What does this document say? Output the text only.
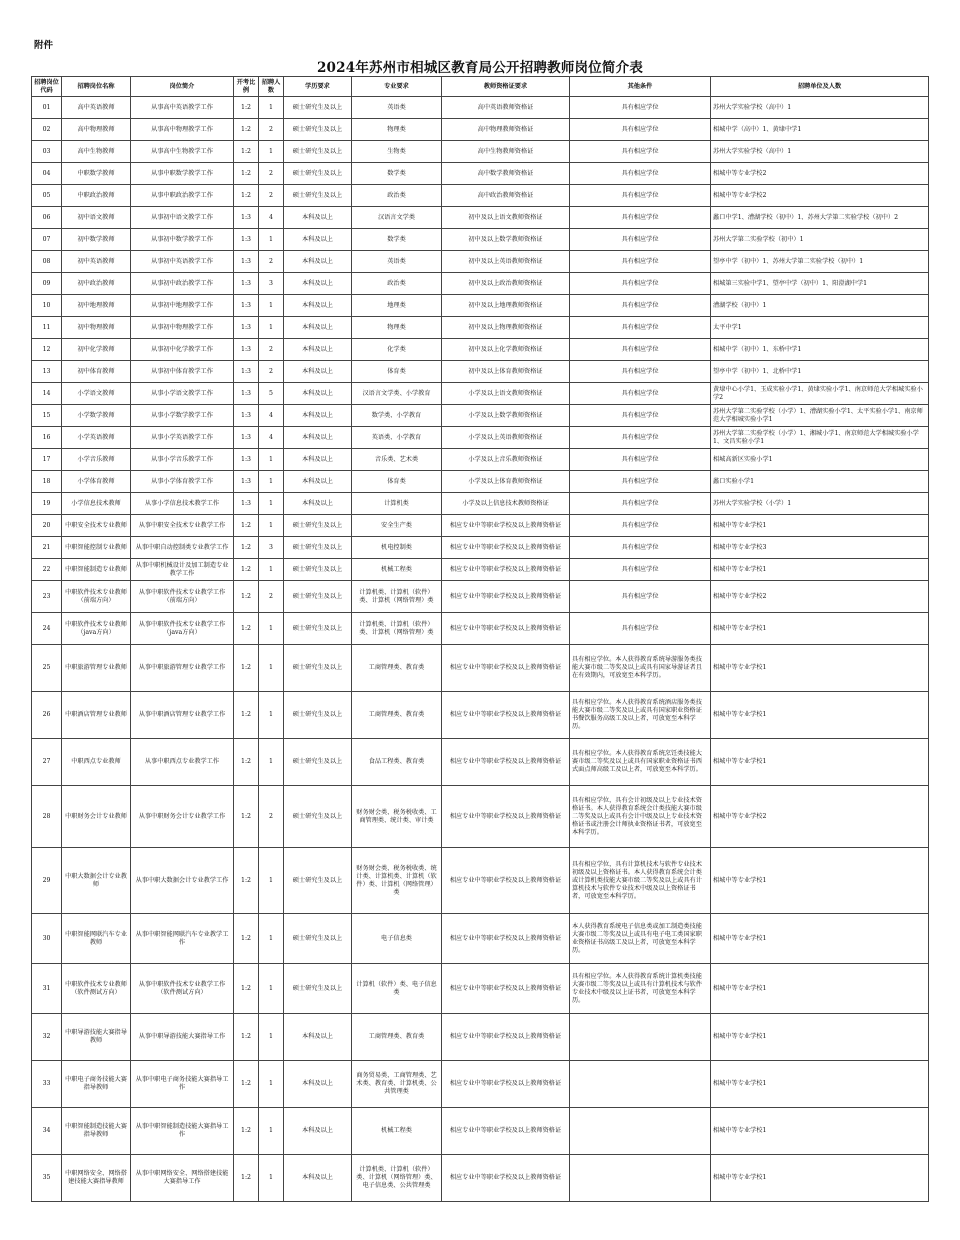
附件
2024年苏州市相城区教育局公开招聘教师岗位简介表
招聘岗位代码	招聘岗位名称	岗位简介	开考比例	招聘人数	学历要求	专业要求	教师资格证要求	其他条件	招聘单位及人数
01	高中英语教师	从事高中英语教学工作	1:2	1	硕士研究生及以上	英语类	高中英语教师资格证	具有相应学位	苏州大学实验学校（高中）1
02	高中物理教师	从事高中物理教学工作	1:2	2	硕士研究生及以上	物理类	高中物理教师资格证	具有相应学位	相城中学（高中）1、黄埭中学1
03	高中生物教师	从事高中生物教学工作	1:2	1	硕士研究生及以上	生物类	高中生物教师资格证	具有相应学位	苏州大学实验学校（高中）1
04	中职数学教师	从事中职数学教学工作	1:2	2	硕士研究生及以上	数学类	高中数学教师资格证	具有相应学位	相城中等专业学校2
05	中职政治教师	从事中职政治教学工作	1:2	2	硕士研究生及以上	政治类	高中政治教师资格证	具有相应学位	相城中等专业学校2
06	初中语文教师	从事初中语文教学工作	1:3	4	本科及以上	汉语言文学类	初中及以上语文教师资格证	具有相应学位	蠡口中学1、漕湖学校（初中）1、苏州大学第二实验学校（初中）2
07	初中数学教师	从事初中数学教学工作	1:3	1	本科及以上	数学类	初中及以上数学教师资格证	具有相应学位	苏州大学第二实验学校（初中）1
08	初中英语教师	从事初中英语教学工作	1:3	2	本科及以上	英语类	初中及以上英语教师资格证	具有相应学位	望亭中学（初中）1、苏州大学第二实验学校（初中）1
09	初中政治教师	从事初中政治教学工作	1:3	3	本科及以上	政治类	初中及以上政治教师资格证	具有相应学位	相城第三实验中学1、望亭中学（初中）1、阳澄湖中学1
10	初中地理教师	从事初中地理教学工作	1:3	1	本科及以上	地理类	初中及以上地理教师资格证	具有相应学位	漕湖学校（初中）1
11	初中物理教师	从事初中物理教学工作	1:3	1	本科及以上	物理类	初中及以上物理教师资格证	具有相应学位	太平中学1
12	初中化学教师	从事初中化学教学工作	1:3	2	本科及以上	化学类	初中及以上化学教师资格证	具有相应学位	相城中学（初中）1、东桥中学1
13	初中体育教师	从事初中体育教学工作	1:3	2	本科及以上	体育类	初中及以上体育教师资格证	具有相应学位	望亭中学（初中）1、北桥中学1
14	小学语文教师	从事小学语文教学工作	1:3	5	本科及以上	汉语言文学类、小学教育	小学及以上语文教师资格证	具有相应学位	黄埭中心小学1、玉成实验小学1、黄埭实验小学1、南京师范大学相城实验小学2
15	小学数学教师	从事小学数学教学工作	1:3	4	本科及以上	数学类、小学教育	小学及以上数学教师资格证	具有相应学位	苏州大学第二实验学校（小学）1、漕湖实验小学1、太平实验小学1、南京师范大学相城实验小学1
16	小学英语教师	从事小学英语教学工作	1:3	4	本科及以上	英语类、小学教育	小学及以上英语教师资格证	具有相应学位	苏州大学第二实验学校（小学）1、湘城小学1、南京师范大学相城实验小学1、文昌实验小学1
17	小学音乐教师	从事小学音乐教学工作	1:3	1	本科及以上	音乐类、艺术类	小学及以上音乐教师资格证	具有相应学位	相城高新区实验小学1
18	小学体育教师	从事小学体育教学工作	1:3	1	本科及以上	体育类	小学及以上体育教师资格证	具有相应学位	蠡口实验小学1
19	小学信息技术教师	从事小学信息技术教学工作	1:3	1	本科及以上	计算机类	小学及以上信息技术教师资格证	具有相应学位	苏州大学实验学校（小学）1
20	中职安全技术专业教师	从事中职安全技术专业教学工作	1:2	1	硕士研究生及以上	安全生产类	相应专业中等职业学校及以上教师资格证	具有相应学位	相城中等专业学校1
21	中职智能控制专业教师	从事中职自动控制类专业教学工作	1:2	3	硕士研究生及以上	机电控制类	相应专业中等职业学校及以上教师资格证	具有相应学位	相城中等专业学校3
22	中职智能制造专业教师	从事中职机械设计及加工制造专业教学工作	1:2	1	硕士研究生及以上	机械工程类	相应专业中等职业学校及以上教师资格证	具有相应学位	相城中等专业学校1
23	中职软件技术专业教师（前端方向）	从事中职软件技术专业教学工作（前端方向）	1:2	2	硕士研究生及以上	计算机类、计算机（软件）类、计算机（网络管理）类	相应专业中等职业学校及以上教师资格证	具有相应学位	相城中等专业学校2
24	中职软件技术专业教师（java方向）	从事中职软件技术专业教学工作（java方向）	1:2	1	硕士研究生及以上	计算机类、计算机（软件）类、计算机（网络管理）类	相应专业中等职业学校及以上教师资格证	具有相应学位	相城中等专业学校1
25	中职旅游管理专业教师	从事中职旅游管理专业教学工作	1:2	1	硕士研究生及以上	工商管理类、教育类	相应专业中等职业学校及以上教师资格证	具有相应学位。本人获得教育系统导游服务类技能大赛市级二等奖及以上或具有国家导游证者且在有效期内，可放宽至本科学历。	相城中等专业学校1
26	中职酒店管理专业教师	从事中职酒店管理专业教学工作	1:2	1	硕士研究生及以上	工商管理类、教育类	相应专业中等职业学校及以上教师资格证	具有相应学位。本人获得教育系统酒店服务类技能大赛市级二等奖及以上或具有国家职业资格证书餐饮服务高级工及以上者，可放宽至本科学历。	相城中等专业学校1
27	中职西点专业教师	从事中职西点专业教学工作	1:2	1	硕士研究生及以上	食品工程类、教育类	相应专业中等职业学校及以上教师资格证	具有相应学位。本人获得教育系统烹饪类技能大赛市级二等奖及以上或具有国家职业资格证书西式面点师高级工及以上者，可放宽至本科学历。	相城中等专业学校1
28	中职财务会计专业教师	从事中职财务会计专业教学工作	1:2	2	硕士研究生及以上	财务财会类、税务税收类、工商管理类、统计类、审计类	相应专业中等职业学校及以上教师资格证	具有相应学位，具有会计初级及以上专业技术资格证书。本人获得教育系统会计类技能大赛市级二等奖及以上或具有会计中级及以上专业技术资格证书或注册会计师执业资格证书者，可放宽至本科学历。	相城中等专业学校2
29	中职大数据会计专业教师	从事中职大数据会计专业教学工作	1:2	1	硕士研究生及以上	财务财会类、税务税收类、统计类、计算机类、计算机（软件）类、计算机（网络管理）类	相应专业中等职业学校及以上教师资格证	具有相应学位，具有计算机技术与软件专业技术初级及以上资格证书。本人获得教育系统会计类或计算机类技能大赛市级二等奖及以上或具有计算机技术与软件专业技术中级及以上资格证书者，可放宽至本科学历。	相城中等专业学校1
30	中职智能网联汽车专业教师	从事中职智能网联汽车专业教学工作	1:2	1	硕士研究生及以上	电子信息类	相应专业中等职业学校及以上教师资格证	本人获得教育系统电子信息类或加工制造类技能大赛市级二等奖及以上或具有电子电工类国家职业资格证书高级工及以上者，可放宽至本科学历。	相城中等专业学校1
31	中职软件技术专业教师（软件测试方向）	从事中职软件技术专业教学工作（软件测试方向）	1:2	1	硕士研究生及以上	计算机（软件）类、电子信息类	相应专业中等职业学校及以上教师资格证	具有相应学位。本人获得教育系统计算机类技能大赛市级二等奖及以上或具有计算机技术与软件专业技术中级及以上证书者，可放宽至本科学历。	相城中等专业学校1
32	中职导游技能大赛指导教师	从事中职导游技能大赛指导工作	1:2	1	本科及以上	工商管理类、教育类	相应专业中等职业学校及以上教师资格证		相城中等专业学校1
33	中职电子商务技能大赛指导教师	从事中职电子商务技能大赛指导工作	1:2	1	本科及以上	商务贸易类、工商管理类、艺术类、教育类、计算机类、公共管理类	相应专业中等职业学校及以上教师资格证		相城中等专业学校1
34	中职智能制造技能大赛指导教师	从事中职智能制造技能大赛指导工作	1:2	1	本科及以上	机械工程类	相应专业中等职业学校及以上教师资格证		相城中等专业学校1
35	中职网络安全、网络搭建技能大赛指导教师	从事中职网络安全、网络搭建技能大赛指导工作	1:2	1	本科及以上	计算机类、计算机（软件）类、计算机（网络管理）类、电子信息类、公共管理类	相应专业中等职业学校及以上教师资格证		相城中等专业学校1
